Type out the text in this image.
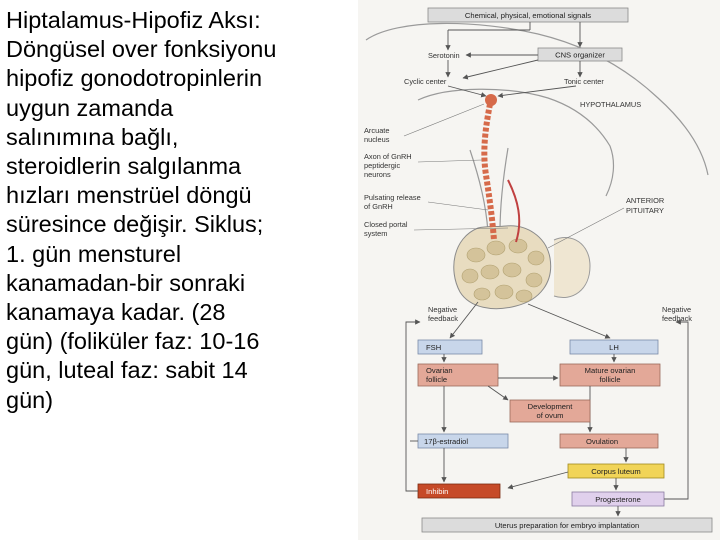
Hiptalamus-Hipofiz Aksı:
Döngüsel over fonksiyonu
hipofiz gonodotropinlerin
uygun zamanda
salınımına bağlı,
steroidlerin salgılanma
hızları menstrüel döngü
süresince değişir. Siklus;
1. gün mensturel
kanamadan-bir sonraki
kanamaya kadar. (28
gün) (foliküler faz: 10-16
gün, luteal faz: sabit 14
gün)
Chemical, physical, emotional signals
Serotonin	CNS organizer
Cyclic center	Tonic center
HYPOTHALAMUS
Arcuate
nucleus
Axon of GnRH
peptidergic
neurons
Pulsating release
of GnRH
Closed portal
system
ANTERIOR
PITUITARY
Negative
feedback
Negative
feedback
FSH	LH
Ovarian
follicle
Mature ovarian
follicle
Development
of ovum
17β-estradiol	Ovulation
Corpus luteum
Inhibin
Progesterone
Uterus preparation for embryo implantation
